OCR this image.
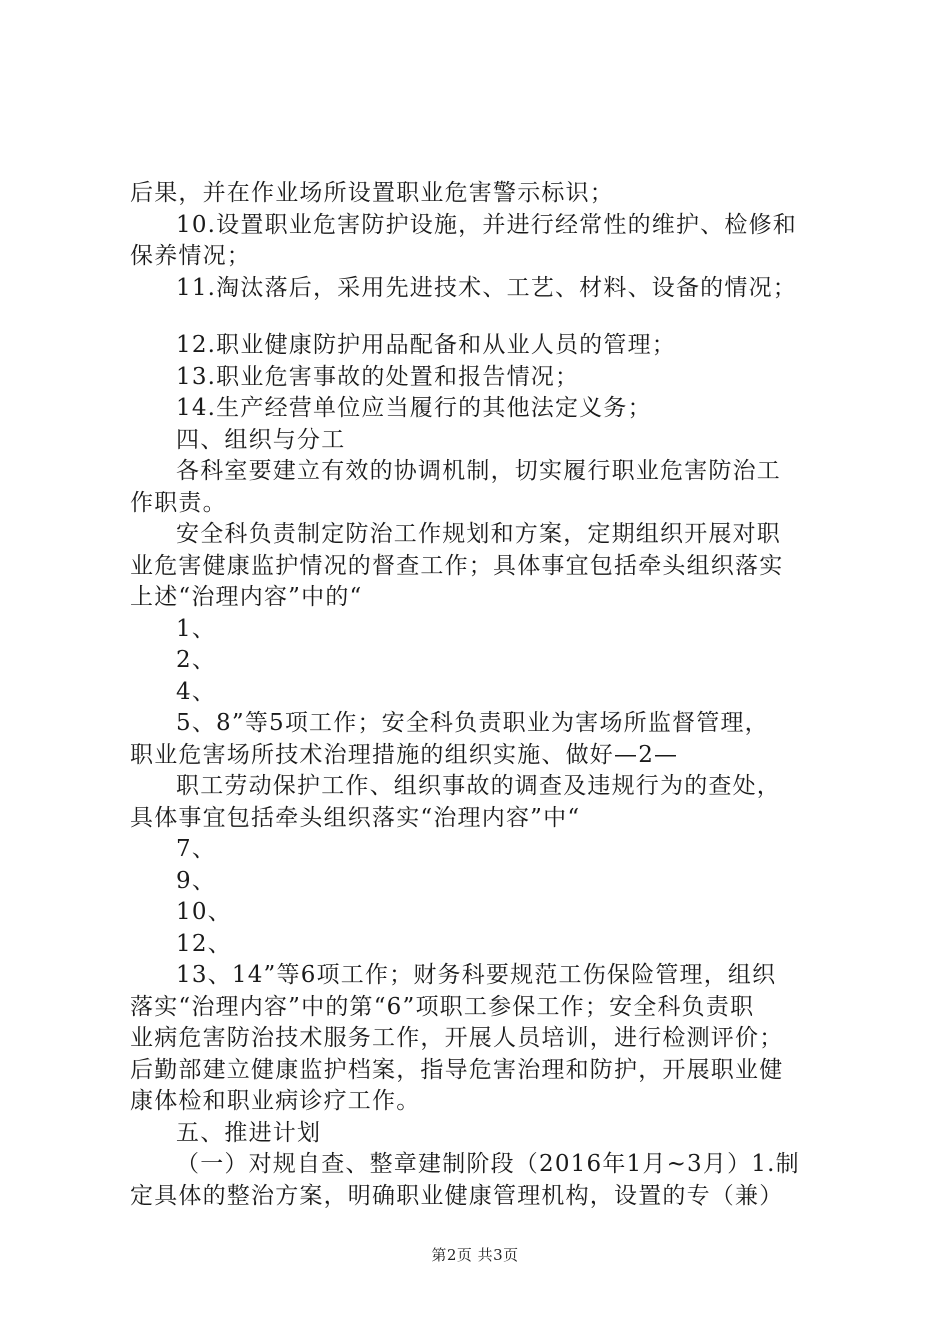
后果，并在作业场所设置职业危害警示标识；
10.设置职业危害防护设施，并进行经常性的维护、检修和
保养情况；
11.淘汰落后，采用先进技术、工艺、材料、设备的情况；
12.职业健康防护用品配备和从业人员的管理；
13.职业危害事故的处置和报告情况；
14.生产经营单位应当履行的其他法定义务；
四、组织与分工
各科室要建立有效的协调机制，切实履行职业危害防治工
作职责。
安全科负责制定防治工作规划和方案，定期组织开展对职
业危害健康监护情况的督查工作；具体事宜包括牵头组织落实
上述“治理内容”中的“
1、
2、
4、
5、8”等5项工作；安全科负责职业为害场所监督管理，
职业危害场所技术治理措施的组织实施、做好—2—
职工劳动保护工作、组织事故的调查及违规行为的查处，
具体事宜包括牵头组织落实“治理内容”中“
7、
9、
10、
12、
13、14”等6项工作；财务科要规范工伤保险管理，组织
落实“治理内容”中的第“6”项职工参保工作；安全科负责职
业病危害防治技术服务工作，开展人员培训，进行检测评价；
后勤部建立健康监护档案，指导危害治理和防护，开展职业健
康体检和职业病诊疗工作。
五、推进计划
（一）对规自查、整章建制阶段（2016年1月~3月）1.制
定具体的整治方案，明确职业健康管理机构，设置的专（兼）
第2页 共3页
